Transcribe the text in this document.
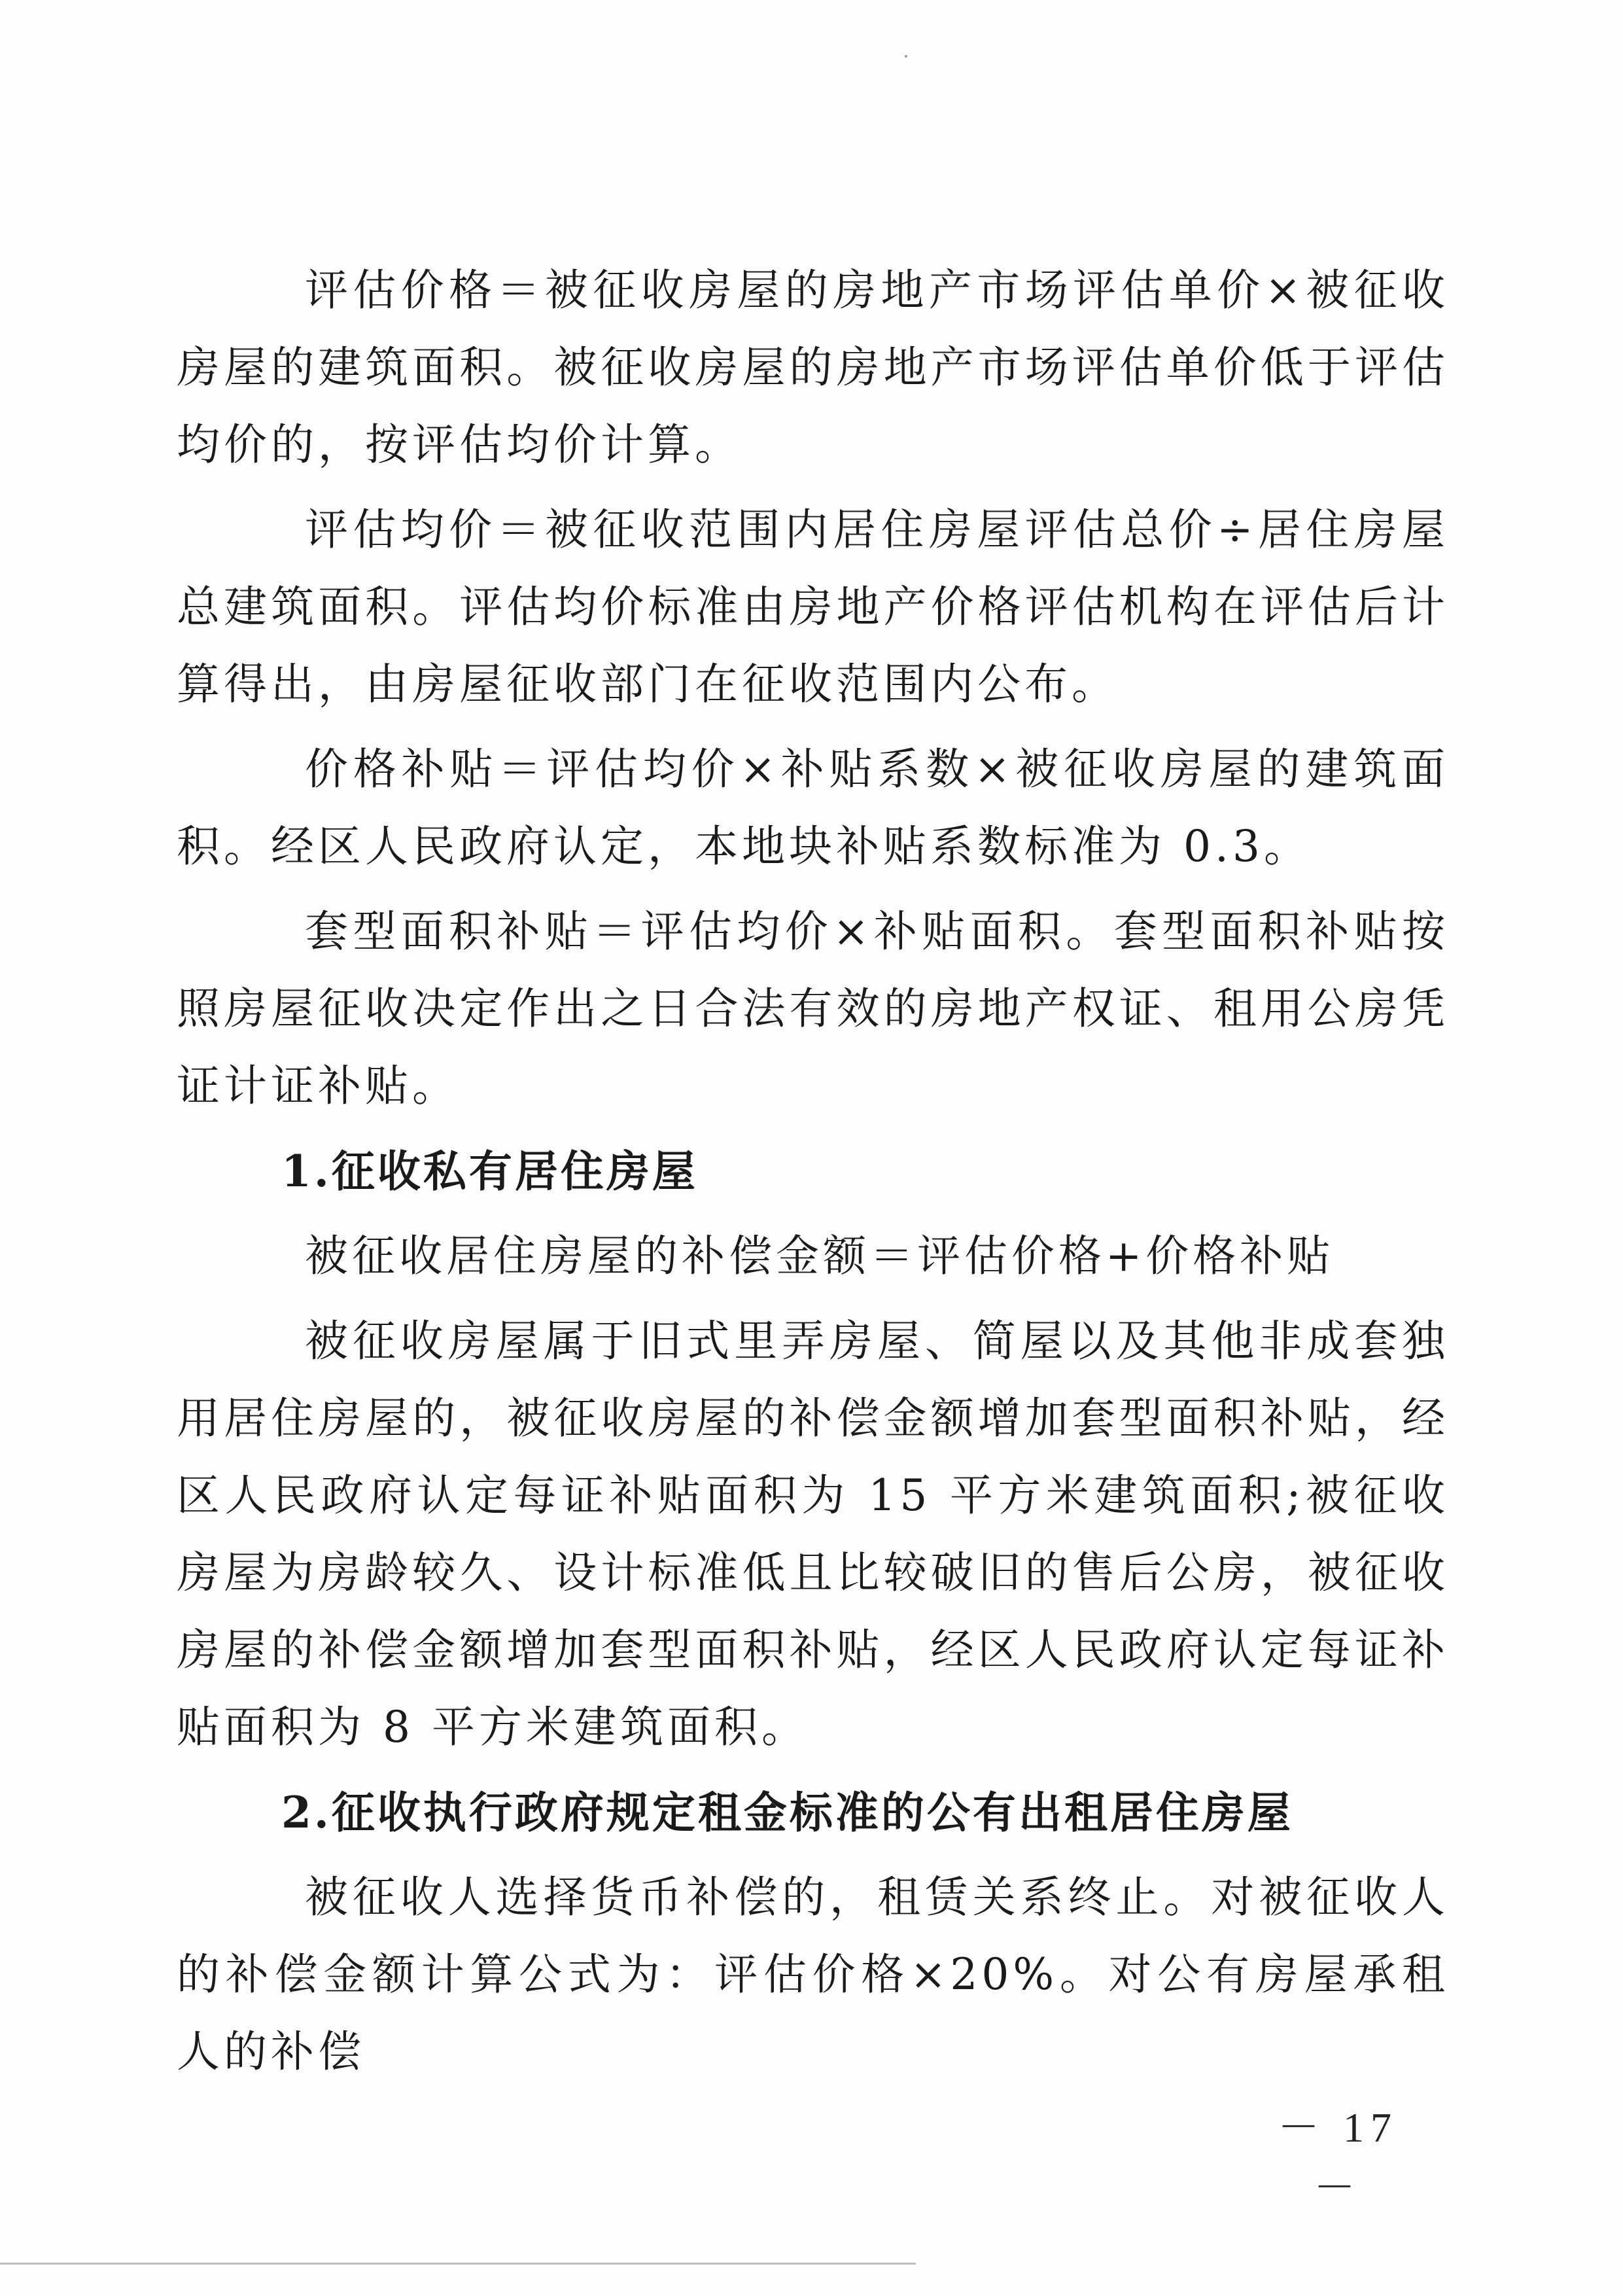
评估价格＝被征收房屋的房地产市场评估单价×被征收房屋的建筑面积。被征收房屋的房地产市场评估单价低于评估均价的，按评估均价计算。

评估均价＝被征收范围内居住房屋评估总价÷居住房屋总建筑面积。评估均价标准由房地产价格评估机构在评估后计算得出，由房屋征收部门在征收范围内公布。

价格补贴＝评估均价×补贴系数×被征收房屋的建筑面积。经区人民政府认定，本地块补贴系数标准为 0.3。

套型面积补贴＝评估均价×补贴面积。套型面积补贴按照房屋征收决定作出之日合法有效的房地产权证、租用公房凭证计证补贴。

1.征收私有居住房屋

被征收居住房屋的补偿金额＝评估价格+价格补贴

被征收房屋属于旧式里弄房屋、简屋以及其他非成套独用居住房屋的，被征收房屋的补偿金额增加套型面积补贴，经区人民政府认定每证补贴面积为 15 平方米建筑面积;被征收房屋为房龄较久、设计标准低且比较破旧的售后公房，被征收房屋的补偿金额增加套型面积补贴，经区人民政府认定每证补贴面积为 8 平方米建筑面积。

2.征收执行政府规定租金标准的公有出租居住房屋

被征收人选择货币补偿的，租赁关系终止。对被征收人的补偿金额计算公式为：评估价格×20%。对公有房屋承租人的补偿

－ 17 －
